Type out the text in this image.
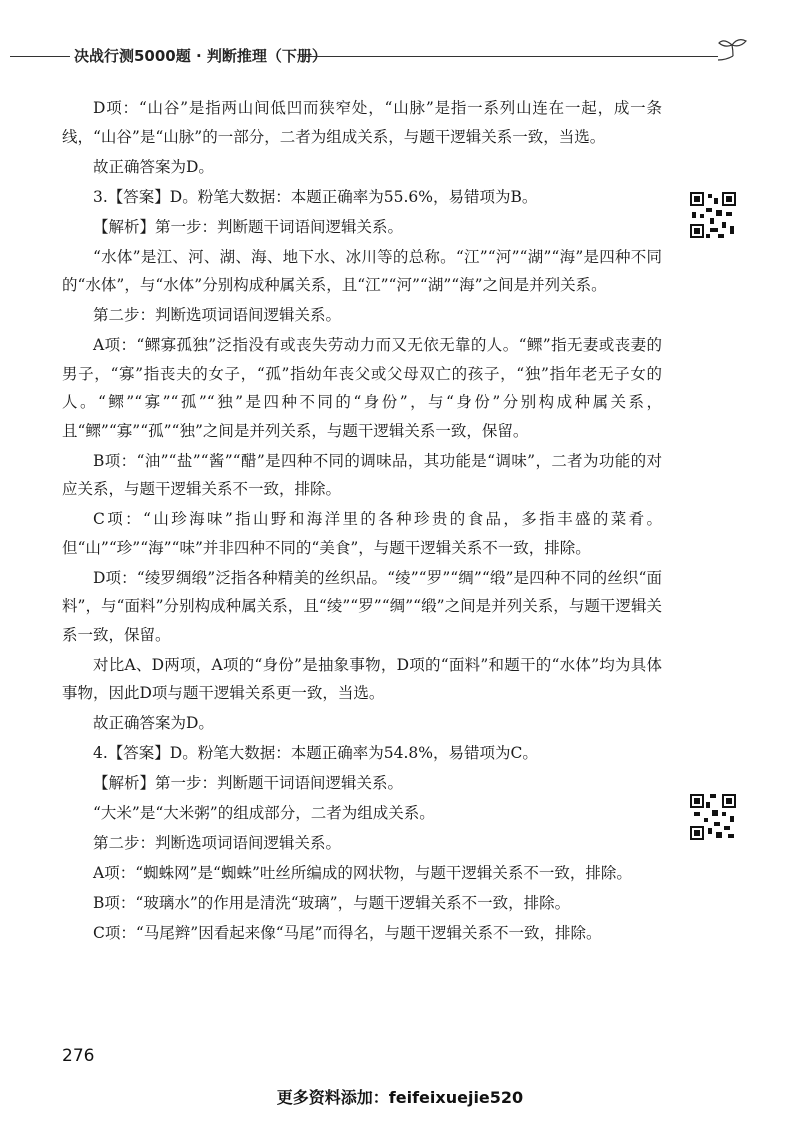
决战行测5000题 · 判断推理（下册）

D项：“山谷”是指两山间低凹而狭窄处，“山脉”是指一系列山连在一起，成一条线，“山谷”是“山脉”的一部分，二者为组成关系，与题干逻辑关系一致，当选。

故正确答案为D。

3.【答案】D。粉笔大数据：本题正确率为55.6%，易错项为B。

【解析】第一步：判断题干词语间逻辑关系。

“水体”是江、河、湖、海、地下水、冰川等的总称。“江”“河”“湖”“海”是四种不同的“水体”，与“水体”分别构成种属关系，且“江”“河”“湖”“海”之间是并列关系。

第二步：判断选项词语间逻辑关系。

A项：“鳏寡孤独”泛指没有或丧失劳动力而又无依无靠的人。“鳏”指无妻或丧妻的男子，“寡”指丧夫的女子，“孤”指幼年丧父或父母双亡的孩子，“独”指年老无子女的人。“鳏”“寡”“孤”“独”是四种不同的“身份”，与“身份”分别构成种属关系，且“鳏”“寡”“孤”“独”之间是并列关系，与题干逻辑关系一致，保留。

B项：“油”“盐”“酱”“醋”是四种不同的调味品，其功能是“调味”，二者为功能的对应关系，与题干逻辑关系不一致，排除。

C项：“山珍海味”指山野和海洋里的各种珍贵的食品，多指丰盛的菜肴。但“山”“珍”“海”“味”并非四种不同的“美食”，与题干逻辑关系不一致，排除。

D项：“绫罗绸缎”泛指各种精美的丝织品。“绫”“罗”“绸”“缎”是四种不同的丝织“面料”，与“面料”分别构成种属关系，且“绫”“罗”“绸”“缎”之间是并列关系，与题干逻辑关系一致，保留。

对比A、D两项，A项的“身份”是抽象事物，D项的“面料”和题干的“水体”均为具体事物，因此D项与题干逻辑关系更一致，当选。

故正确答案为D。

4.【答案】D。粉笔大数据：本题正确率为54.8%，易错项为C。

【解析】第一步：判断题干词语间逻辑关系。

“大米”是“大米粥”的组成部分，二者为组成关系。

第二步：判断选项词语间逻辑关系。

A项：“蜘蛛网”是“蜘蛛”吐丝所编成的网状物，与题干逻辑关系不一致，排除。

B项：“玻璃水”的作用是清洗“玻璃”，与题干逻辑关系不一致，排除。

C项：“马尾辫”因看起来像“马尾”而得名，与题干逻辑关系不一致，排除。

276
更多资料添加：feifeixuejie520
